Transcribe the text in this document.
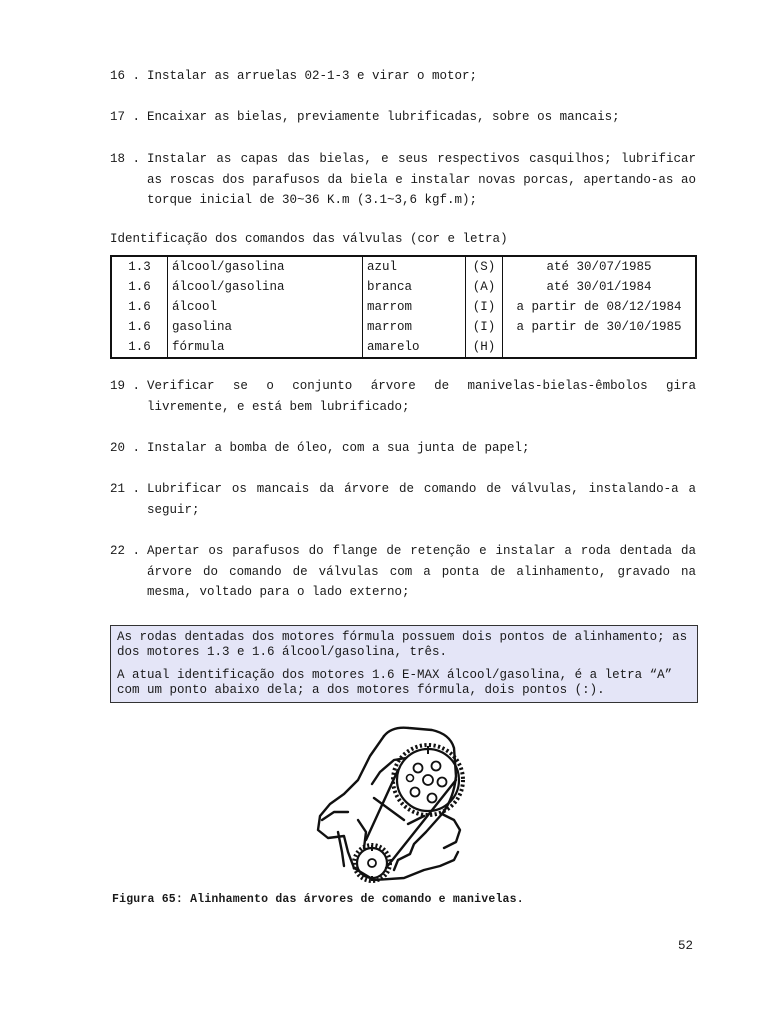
16 . Instalar as arruelas 02-1-3 e virar o motor;
17 . Encaixar as bielas, previamente lubrificadas, sobre os mancais;
18 . Instalar as capas das bielas, e seus respectivos casquilhos; lubrificar as roscas dos parafusos da biela e instalar novas porcas, apertando-as ao torque inicial de 30~36 K.m (3.1~3,6 kgf.m);
Identificação dos comandos das válvulas (cor e letra)
1.3	álcool/gasolina	azul	(S)	até 30/07/1985
1.6	álcool/gasolina	branca	(A)	até 30/01/1984
1.6	álcool	marrom	(I)	a partir de 08/12/1984
1.6	gasolina	marrom	(I)	a partir de 30/10/1985
1.6	fórmula	amarelo	(H)	
19 . Verificar se o conjunto árvore de manivelas-bielas-êmbolos gira livremente, e está bem lubrificado;
20 . Instalar a bomba de óleo, com a sua junta de papel;
21 . Lubrificar os mancais da árvore de comando de válvulas, instalando-a a seguir;
22 . Apertar os parafusos do flange de retenção e instalar a roda dentada da árvore do comando de válvulas com a ponta de alinhamento, gravado na mesma, voltado para o lado externo;

As rodas dentadas dos motores fórmula possuem dois pontos de alinhamento; as dos motores 1.3 e 1.6 álcool/gasolina, três.

A atual identificação dos motores 1.6 E-MAX álcool/gasolina, é a letra “A” com um ponto abaixo dela; a dos motores fórmula, dois pontos (:).

Figura 65: Alinhamento das árvores de comando e manivelas.
52
